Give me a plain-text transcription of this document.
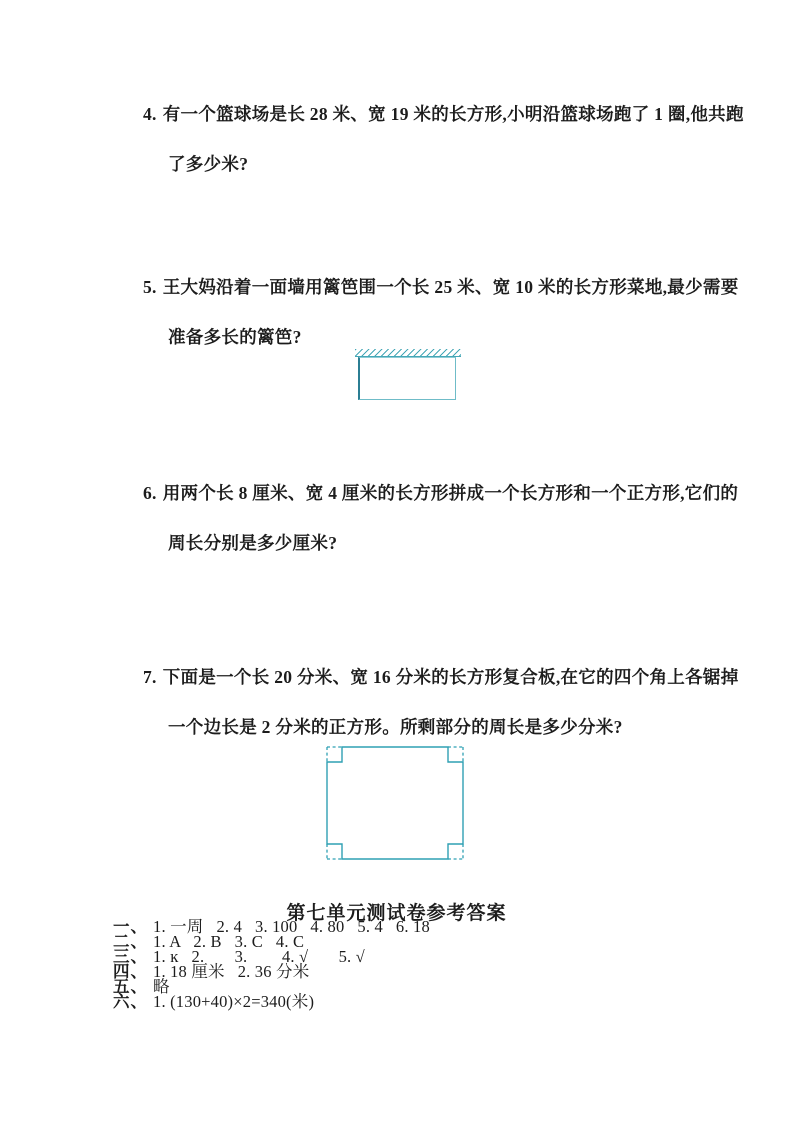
4. 有一个篮球场是长 28 米、宽 19 米的长方形,小明沿篮球场跑了 1 圈,他共跑
了多少米?
5. 王大妈沿着一面墙用篱笆围一个长 25 米、宽 10 米的长方形菜地,最少需要
准备多长的篱笆?
6. 用两个长 8 厘米、宽 4 厘米的长方形拼成一个长方形和一个正方形,它们的
周长分别是多少厘米?
7. 下面是一个长 20 分米、宽 16 分米的长方形复合板,在它的四个角上各锯掉
一个边长是 2 分米的正方形。所剩部分的周长是多少分米?
第七单元测试卷参考答案
一、 1. 一周   2. 4   3. 100   4. 80   5. 4   6. 18
二、 1. A   2. B   3. C   4. C
三、 1. ĸ   2.       3.        4. √       5. √
四、 1. 18 厘米   2. 36 分米
五、 略
六、 1. (130+40)×2=340(米)
